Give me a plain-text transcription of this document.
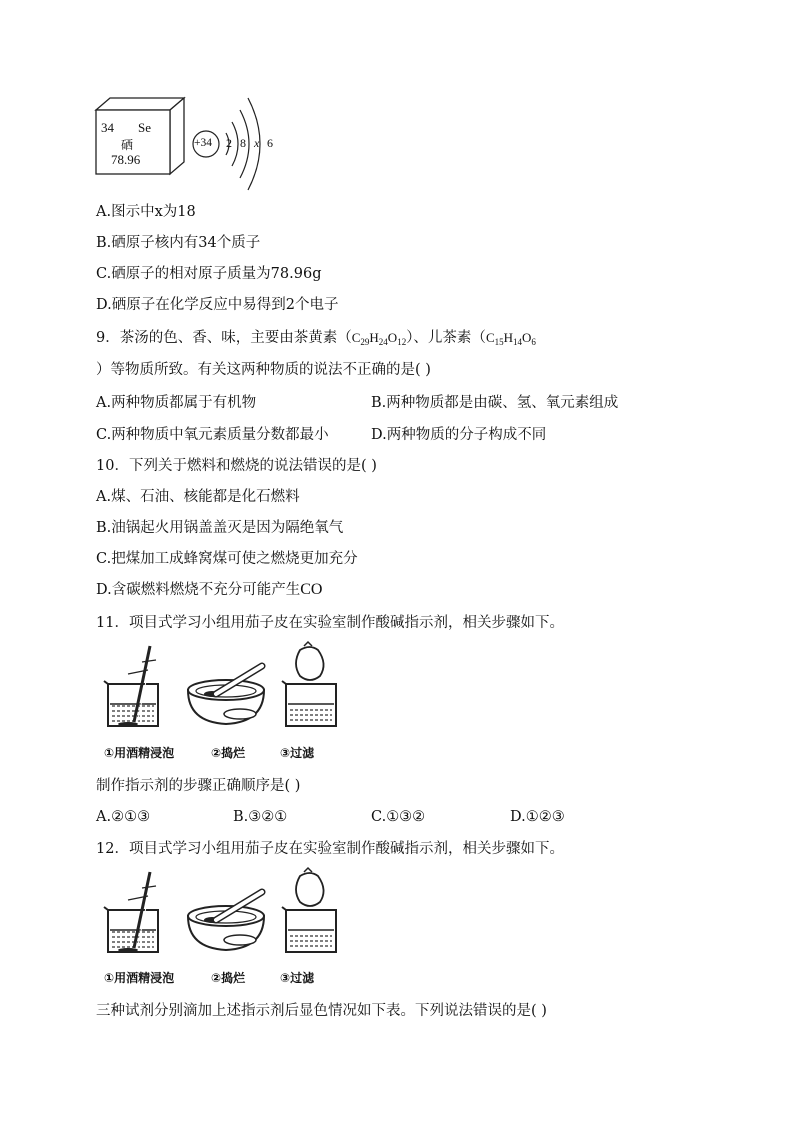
34 Se
硒
78.96
+34 2 8 x 6
A.图示中x为18
B.硒原子核内有34个质子
C.硒原子的相对原子质量为78.96g
D.硒原子在化学反应中易得到2个电子
9．茶汤的色、香、味，主要由茶黄素$(C_{29}H_{24}O_{12})$、儿茶素（$C_{15}H_{14}O_6$
）等物质所致。有关这两种物质的说法不正确的是( )
A.两种物质都属于有机物	B.两种物质都是由碳、氢、氧元素组成
C.两种物质中氧元素质量分数都最小	D.两种物质的分子构成不同
10．下列关于燃料和燃烧的说法错误的是( )
A.煤、石油、核能都是化石燃料
B.油锅起火用锅盖盖灭是因为隔绝氧气
C.把煤加工成蜂窝煤可使之燃烧更加充分
D.含碳燃料燃烧不充分可能产生CO
11．项目式学习小组用茄子皮在实验室制作酸碱指示剂，相关步骤如下。
①用酒精浸泡	②捣烂	③过滤
制作指示剂的步骤正确顺序是( )
A.②①③	B.③②①	C.①③②	D.①②③
12．项目式学习小组用茄子皮在实验室制作酸碱指示剂，相关步骤如下。
①用酒精浸泡	②捣烂	③过滤
三种试剂分别滴加上述指示剂后显色情况如下表。下列说法错误的是( )
